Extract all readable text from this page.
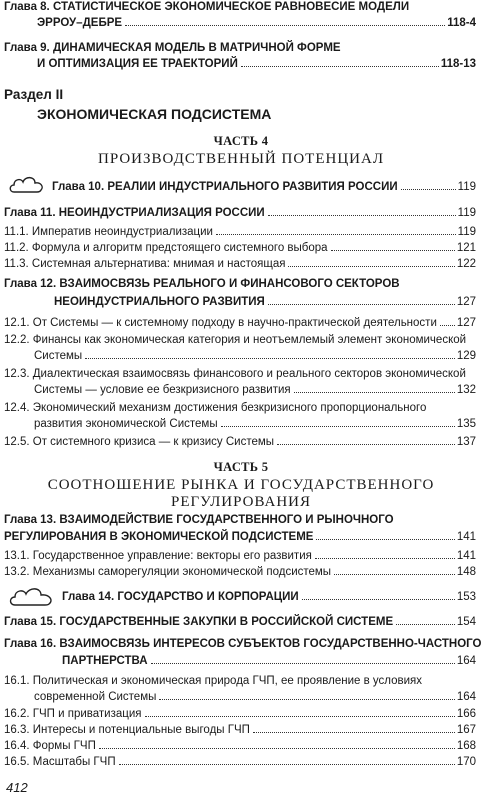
Глава 8.
СТАТИСТИЧЕСКОЕ ЭКОНОМИЧЕСКОЕ РАВНОВЕСИЕ МОДЕЛИ
ЭРРОУ–ДЕБРЕ	118-4
Глава 9.
ДИНАМИЧЕСКАЯ МОДЕЛЬ В МАТРИЧНОЙ ФОРМЕ
И ОПТИМИЗАЦИЯ ЕЕ ТРАЕКТОРИЙ	118-13
Раздел II
ЭКОНОМИЧЕСКАЯ ПОДСИСТЕМА
ЧАСТЬ 4
ПРОИЗВОДСТВЕННЫЙ ПОТЕНЦИАЛ
Глава 10.
РЕАЛИИ ИНДУСТРИАЛЬНОГО РАЗВИТИЯ РОССИИ	119
Глава 11.
НЕОИНДУСТРИАЛИЗАЦИЯ РОССИИ	119
11.1. Императив неоиндустриализации	119
11.2. Формула и алгоритм предстоящего системного выбора	121
11.3. Системная альтернатива: мнимая и настоящая	122
Глава 12.
ВЗАИМОСВЯЗЬ РЕАЛЬНОГО И ФИНАНСОВОГО СЕКТОРОВ
НЕОИНДУСТРИАЛЬНОГО РАЗВИТИЯ	127
12.1. От Системы — к системному подходу в научно-практической деятельности 127
12.2. Финансы как экономическая категория и неотъемлемый элемент экономической
Системы	129
12.3. Диалектическая взаимосвязь финансового и реального секторов экономической
Системы — условие ее безкризисного развития	132
12.4. Экономический механизм достижения безкризисного пропорционального
развития экономической Системы	135
12.5. От системного кризиса — к кризису Системы	137
ЧАСТЬ 5
СООТНОШЕНИЕ РЫНКА И ГОСУДАРСТВЕННОГО
РЕГУЛИРОВАНИЯ
Глава 13.
ВЗАИМОДЕЙСТВИЕ ГОСУДАРСТВЕННОГО И РЫНОЧНОГО
РЕГУЛИРОВАНИЯ В ЭКОНОМИЧЕСКОЙ ПОДСИСТЕМЕ	141
13.1. Государственное управление: векторы его развития	141
13.2. Механизмы саморегуляции экономической подсистемы	148
Глава 14.
ГОСУДАРСТВО И КОРПОРАЦИИ	153
Глава 15.
ГОСУДАРСТВЕННЫЕ ЗАКУПКИ В РОССИЙСКОЙ СИСТЕМЕ	154
Глава 16.
ВЗАИМОСВЯЗЬ ИНТЕРЕСОВ СУБЪЕКТОВ ГОСУДАРСТВЕННО-ЧАСТНОГО
ПАРТНЕРСТВА	164
16.1. Политическая и экономическая природа ГЧП, ее проявление в условиях
современной Системы	164
16.2. ГЧП и приватизация	166
16.3. Интересы и потенциальные выгоды ГЧП	167
16.4. Формы ГЧП	168
16.5. Масштабы ГЧП	170
412
